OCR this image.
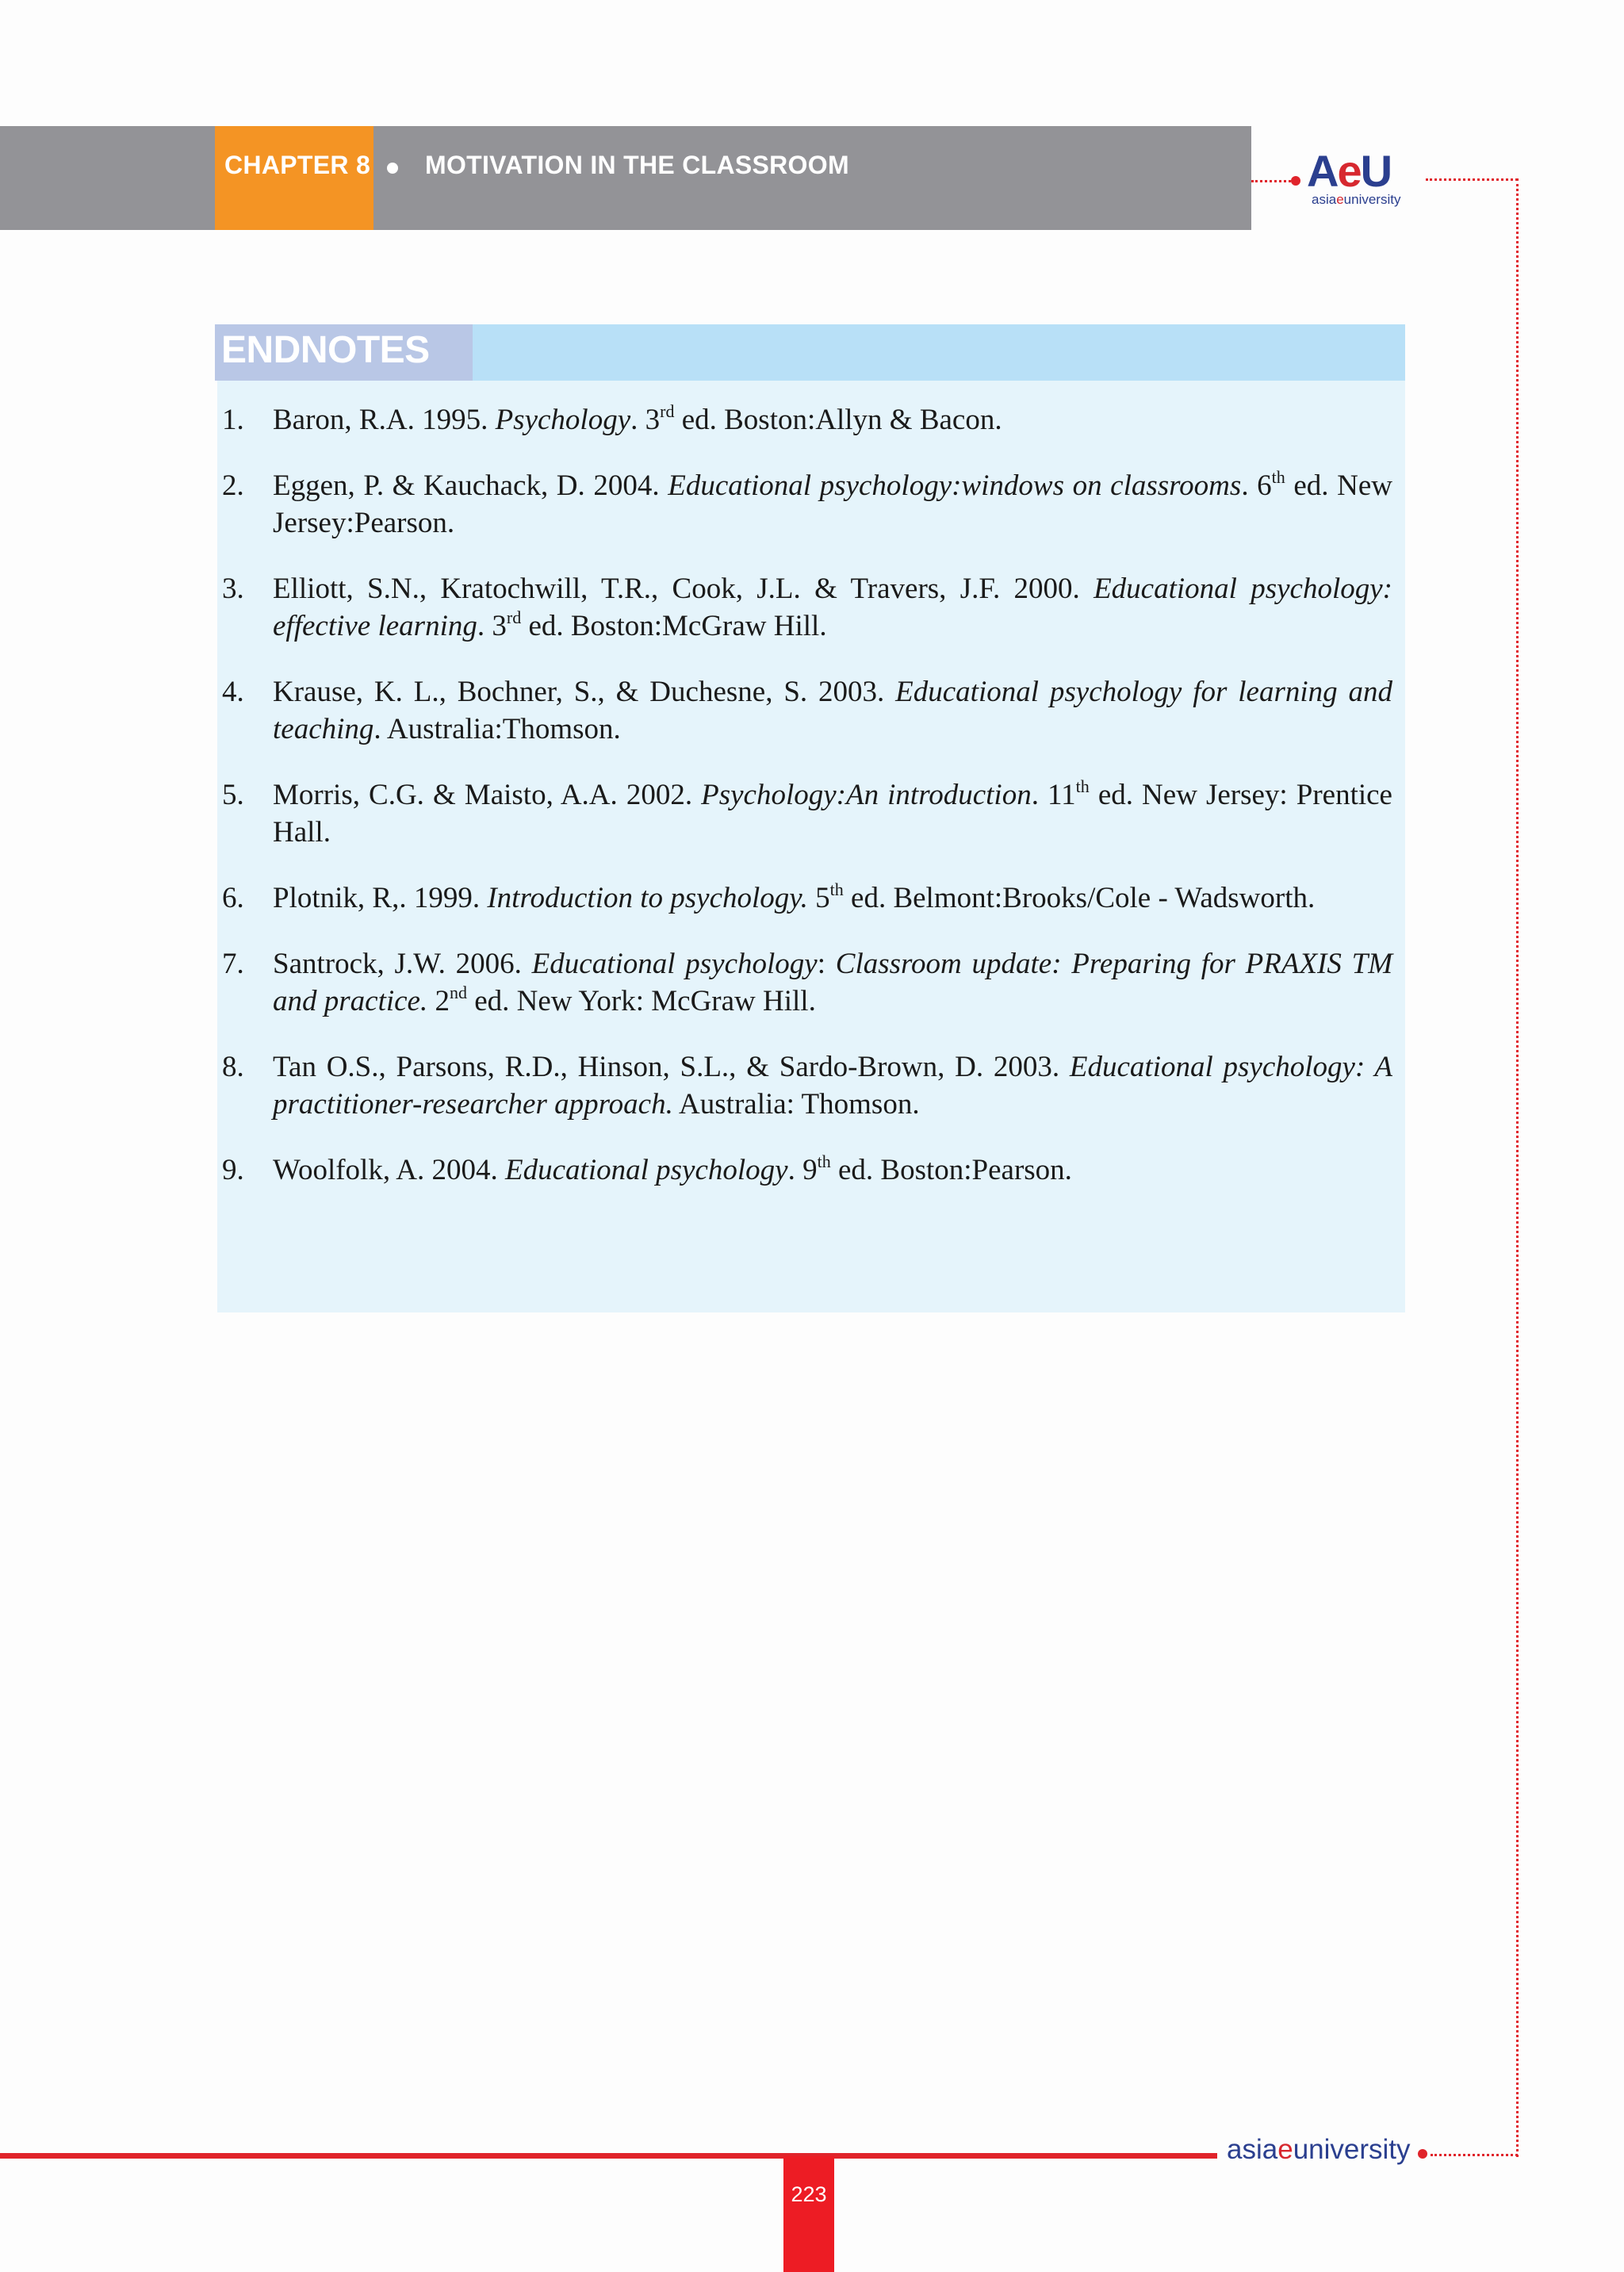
CHAPTER 8 MOTIVATION IN THE CLASSROOM	AeU
asiaeuniversity
ENDNOTES
1. Baron, R.A. 1995. Psychology. 3rd ed. Boston:Allyn & Bacon.
2. Eggen, P. & Kauchack, D. 2004. Educational psychology:windows on classrooms. 6th ed. New Jersey:Pearson.
3. Elliott, S.N., Kratochwill, T.R., Cook, J.L. & Travers, J.F. 2000. Educational psychology: effective learning. 3rd ed. Boston:McGraw Hill.
4. Krause, K. L., Bochner, S., & Duchesne, S. 2003. Educational psychology for learning and teaching. Australia:Thomson.
5. Morris, C.G. & Maisto, A.A. 2002. Psychology:An introduction. 11th ed. New Jersey: Prentice Hall.
6. Plotnik, R,. 1999. Introduction to psychology. 5th ed. Belmont:Brooks/Cole - Wadsworth.
7. Santrock, J.W. 2006. Educational psychology: Classroom update: Preparing for PRAXIS TM and practice. 2nd ed. New York: McGraw Hill.
8. Tan O.S., Parsons, R.D., Hinson, S.L., & Sardo-Brown, D. 2003. Educational psychology: A practitioner-researcher approach. Australia: Thomson.
9. Woolfolk, A. 2004. Educational psychology. 9th ed. Boston:Pearson.
223
asiaeuniversity
